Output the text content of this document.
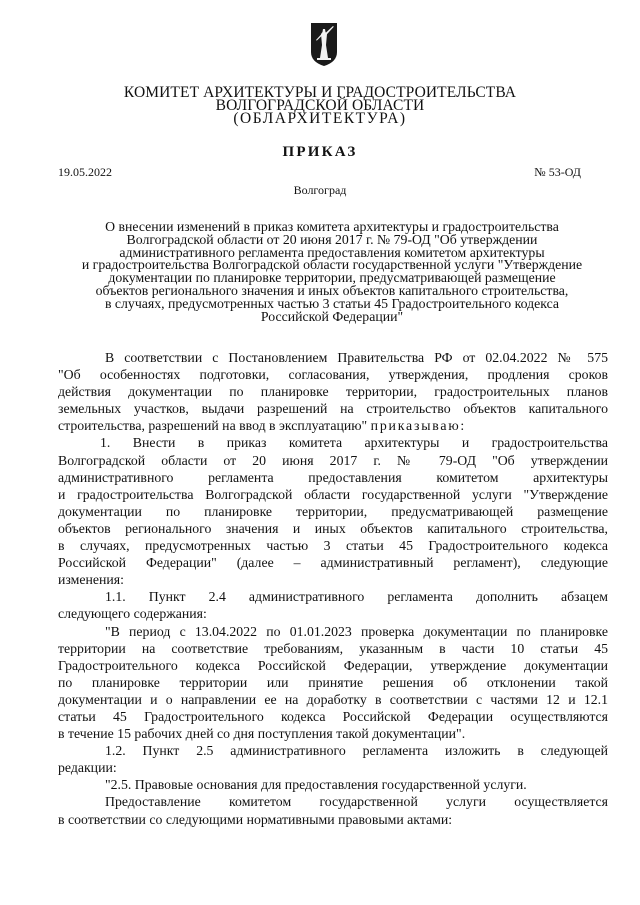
КОМИТЕТ АРХИТЕКТУРЫ И ГРАДОСТРОИТЕЛЬСТВА
ВОЛГОГРАДСКОЙ ОБЛАСТИ
(ОБЛАРХИТЕКТУРА)
ПРИКАЗ
19.05.2022	№ 53-ОД
Волгоград
О внесении изменений в приказ комитета архитектуры и градостроительства
Волгоградской области от 20 июня 2017 г. № 79-ОД "Об утверждении
административного регламента предоставления комитетом архитектуры
и градостроительства Волгоградской области государственной услуги "Утверждение
документации по планировке территории, предусматривающей размещение
объектов регионального значения и иных объектов капитального строительства,
в случаях, предусмотренных частью 3 статьи 45 Градостроительного кодекса
Российской Федерации"
В соответствии с Постановлением Правительства РФ от 02.04.2022 № 575
"Об особенностях подготовки, согласования, утверждения, продления сроков
действия документации по планировке территории, градостроительных планов
земельных участков, выдачи разрешений на строительство объектов капитального
строительства, разрешений на ввод в эксплуатацию" приказываю:
1. Внести в приказ комитета архитектуры и градостроительства
Волгоградской области от 20 июня 2017 г. № 79-ОД "Об утверждении
административного регламента предоставления комитетом архитектуры
и градостроительства Волгоградской области государственной услуги "Утверждение
документации по планировке территории, предусматривающей размещение
объектов регионального значения и иных объектов капитального строительства,
в случаях, предусмотренных частью 3 статьи 45 Градостроительного кодекса
Российской Федерации" (далее – административный регламент), следующие
изменения:
1.1. Пункт 2.4 административного регламента дополнить абзацем
следующего содержания:
"В период с 13.04.2022 по 01.01.2023 проверка документации по планировке
территории на соответствие требованиям, указанным в части 10 статьи 45
Градостроительного кодекса Российской Федерации, утверждение документации
по планировке территории или принятие решения об отклонении такой
документации и о направлении ее на доработку в соответствии с частями 12 и 12.1
статьи 45 Градостроительного кодекса Российской Федерации осуществляются
в течение 15 рабочих дней со дня поступления такой документации".
1.2. Пункт 2.5 административного регламента изложить в следующей
редакции:
"2.5. Правовые основания для предоставления государственной услуги.
Предоставление комитетом государственной услуги осуществляется
в соответствии со следующими нормативными правовыми актами:
